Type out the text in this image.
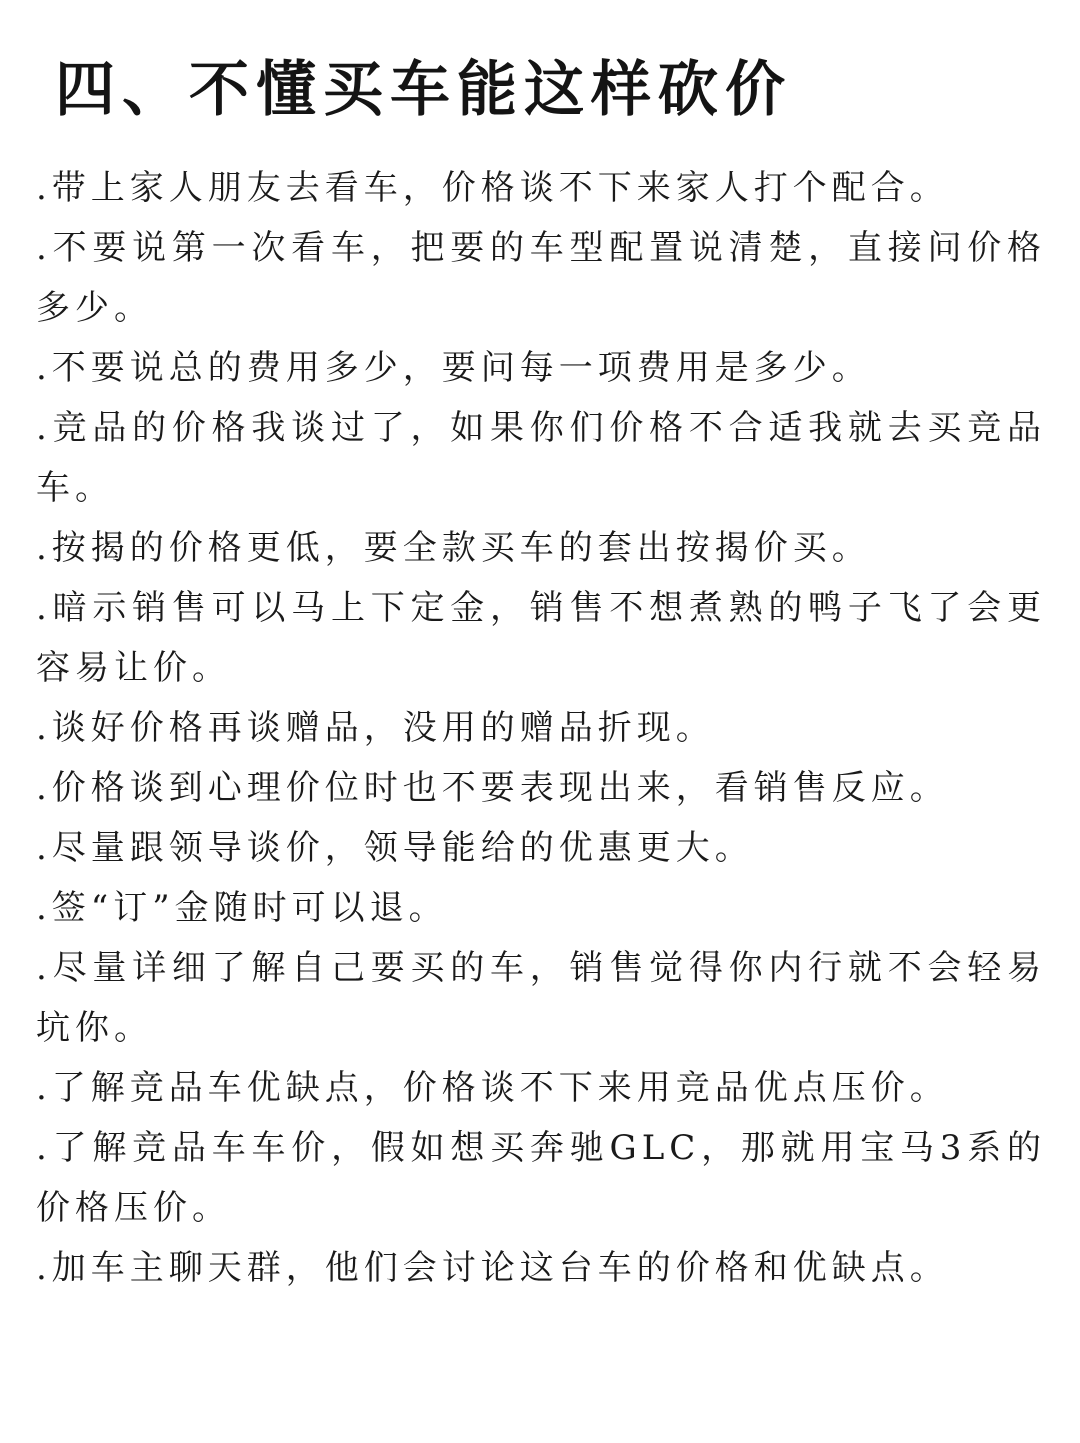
四、不懂买车能这样砍价
.带上家人朋友去看车，价格谈不下来家人打个配合。
.不要说第一次看车，把要的车型配置说清楚，直接问价格多少。
.不要说总的费用多少，要问每一项费用是多少。
.竞品的价格我谈过了，如果你们价格不合适我就去买竞品车。
.按揭的价格更低，要全款买车的套出按揭价买。
.暗示销售可以马上下定金，销售不想煮熟的鸭子飞了会更容易让价。
.谈好价格再谈赠品，没用的赠品折现。
.价格谈到心理价位时也不要表现出来，看销售反应。
.尽量跟领导谈价，领导能给的优惠更大。
.签“订”金随时可以退。
.尽量详细了解自己要买的车，销售觉得你内行就不会轻易坑你。
.了解竞品车优缺点，价格谈不下来用竞品优点压价。
.了解竞品车车价，假如想买奔驰GLC，那就用宝马3系的价格压价。
.加车主聊天群，他们会讨论这台车的价格和优缺点。
